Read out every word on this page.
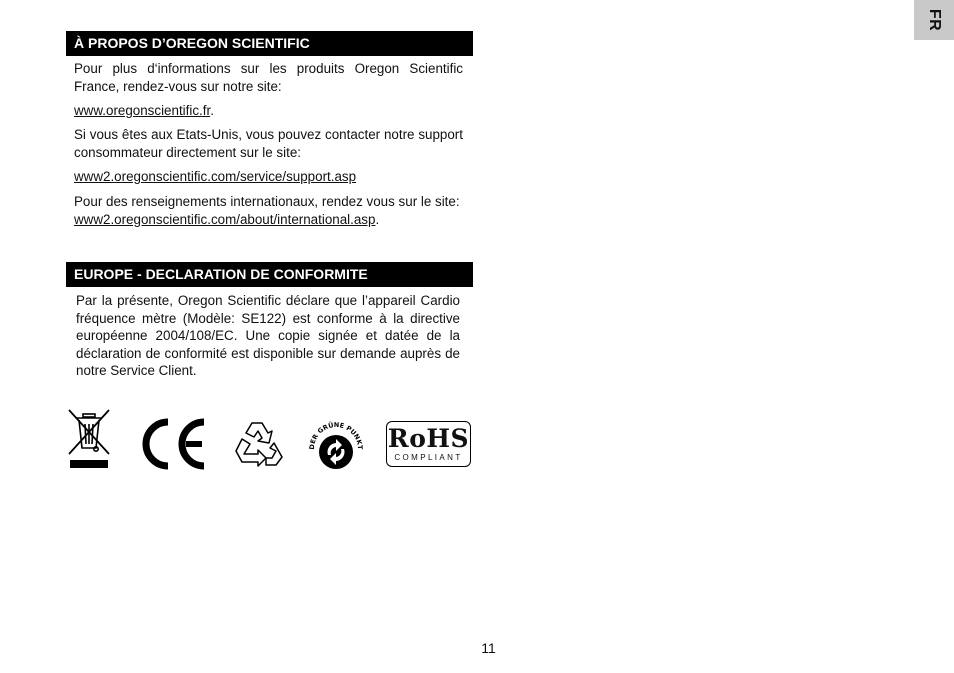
FR
À PROPOS D’OREGON SCIENTIFIC
Pour plus d‘informations sur les produits Oregon Scientific France, rendez-vous sur notre site:
www.oregonscientific.fr.
Si vous êtes aux Etats-Unis, vous pouvez contacter notre support consommateur directement sur le site:
www2.oregonscientific.com/service/support.asp
Pour des renseignements internationaux, rendez vous sur le site: www2.oregonscientific.com/about/international.asp.
EUROPE - DECLARATION DE CONFORMITE
Par la présente, Oregon Scientific déclare que l’appareil Cardio fréquence mètre (Modèle: SE122) est conforme à la directive européenne 2004/108/EC. Une copie signée et datée de la déclaration de conformité est disponible sur demande auprès de notre Service Client.
DER GRÜNE PUNKT RoHS
COMPLIANT
11
